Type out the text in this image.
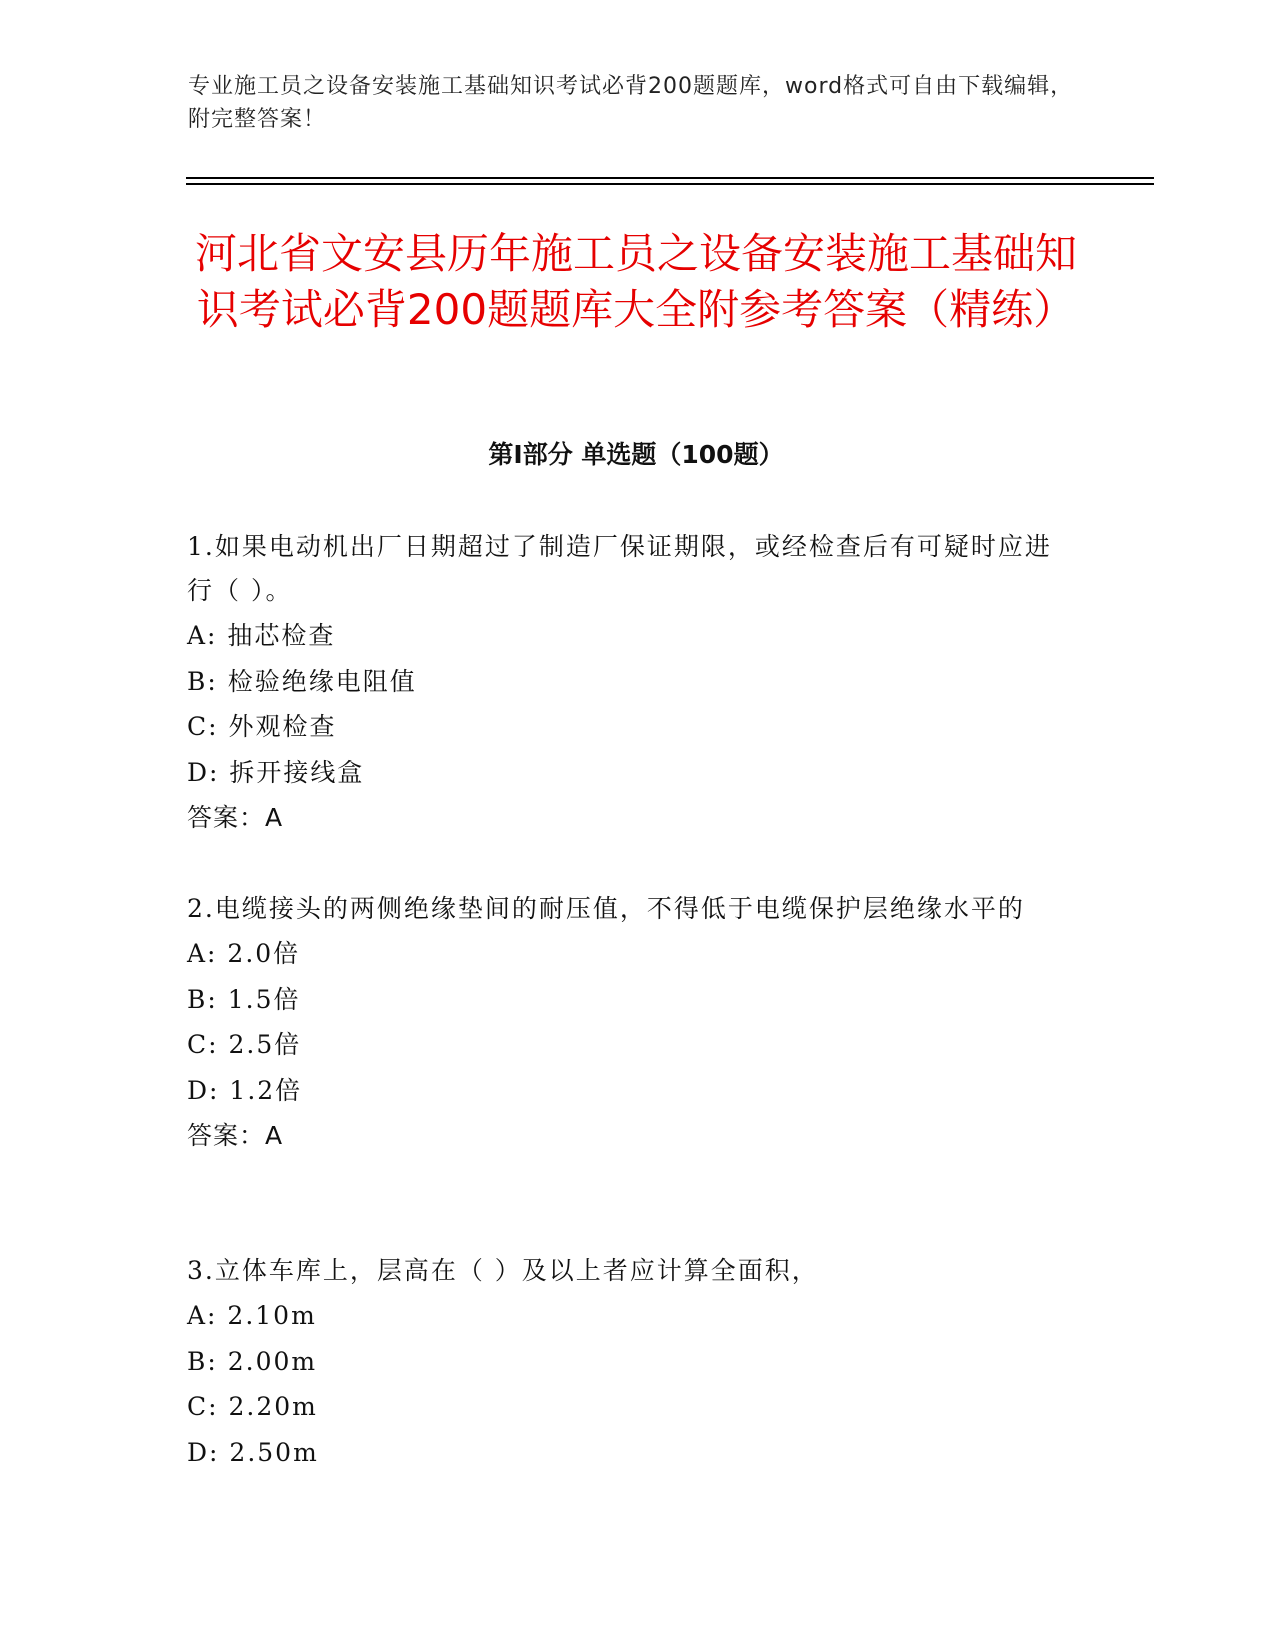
专业施工员之设备安装施工基础知识考试必背200题题库，word格式可自由下载编辑，附完整答案！
河北省文安县历年施工员之设备安装施工基础知识考试必背200题题库大全附参考答案（精练）
第I部分 单选题（100题）

1.如果电动机出厂日期超过了制造厂保证期限，或经检查后有可疑时应进行（ ）。

A: 抽芯检查

B: 检验绝缘电阻值

C: 外观检查

D: 拆开接线盒

答案：A

2.电缆接头的两侧绝缘垫间的耐压值，不得低于电缆保护层绝缘水平的

A: 2.0倍

B: 1.5倍

C: 2.5倍

D: 1.2倍

答案：A

3.立体车库上，层高在（ ）及以上者应计算全面积，

A: 2.10m

B: 2.00m

C: 2.20m

D: 2.50m
